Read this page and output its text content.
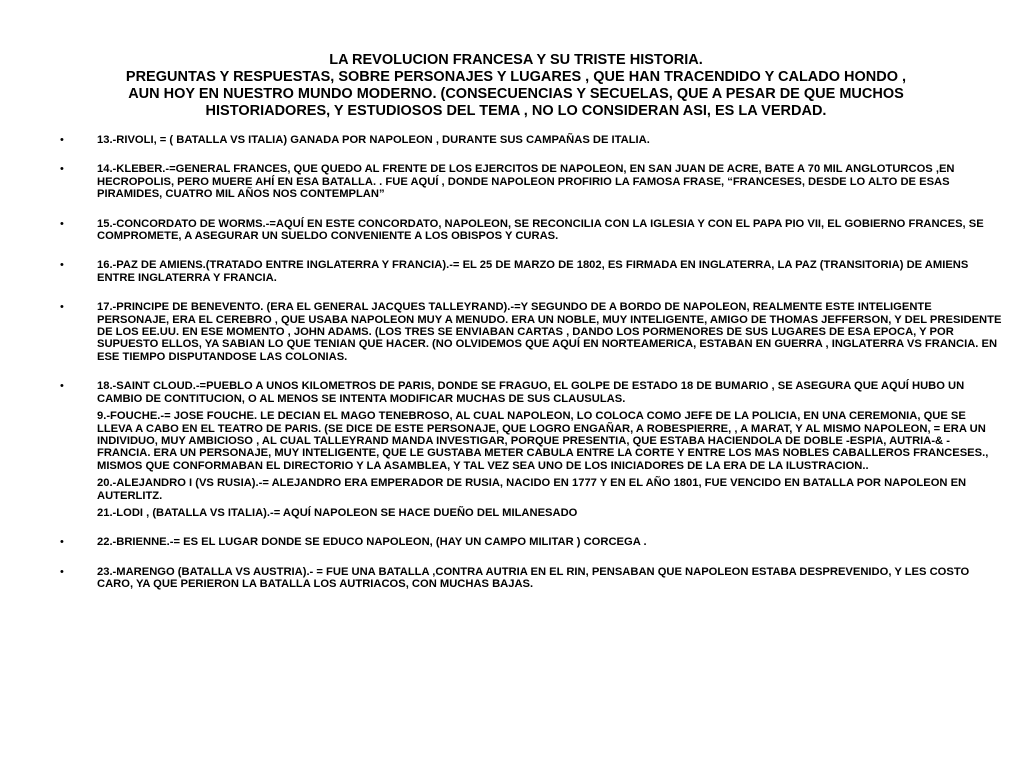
LA REVOLUCION FRANCESA Y SU TRISTE HISTORIA.
PREGUNTAS Y RESPUESTAS, SOBRE PERSONAJES Y LUGARES , QUE HAN TRACENDIDO Y CALADO HONDO ,
AUN HOY EN NUESTRO MUNDO MODERNO. (CONSECUENCIAS Y SECUELAS, QUE A PESAR DE QUE MUCHOS
HISTORIADORES, Y ESTUDIOSOS DEL TEMA , NO LO CONSIDERAN ASI, ES LA VERDAD.
•	13.-RIVOLI, = ( BATALLA VS ITALIA) GANADA POR NAPOLEON , DURANTE SUS CAMPAÑAS DE ITALIA.

•	14.-KLEBER.-=GENERAL FRANCES, QUE QUEDO AL FRENTE DE LOS EJERCITOS DE NAPOLEON, EN SAN JUAN DE ACRE, BATE A 70 MIL ANGLOTURCOS ,EN HECROPOLIS, PERO MUERE AHÍ EN ESA BATALLA. . FUE AQUÍ , DONDE NAPOLEON PROFIRIO LA FAMOSA FRASE, “FRANCESES, DESDE LO ALTO DE ESAS PIRAMIDES, CUATRO MIL AÑOS NOS CONTEMPLAN”

•	15.-CONCORDATO DE WORMS.-=AQUÍ EN ESTE CONCORDATO, NAPOLEON, SE RECONCILIA CON LA IGLESIA Y CON EL PAPA PIO VII, EL GOBIERNO FRANCES, SE COMPROMETE, A ASEGURAR UN SUELDO CONVENIENTE A LOS OBISPOS Y CURAS.

•	16.-PAZ DE AMIENS.(TRATADO ENTRE INGLATERRA Y FRANCIA).-= EL 25 DE MARZO DE 1802, ES FIRMADA EN INGLATERRA, LA PAZ (TRANSITORIA) DE AMIENS ENTRE INGLATERRA Y FRANCIA.

•	17.-PRINCIPE DE BENEVENTO. (ERA EL GENERAL JACQUES TALLEYRAND).-=Y SEGUNDO DE A BORDO DE NAPOLEON, REALMENTE ESTE INTELIGENTE PERSONAJE, ERA EL CEREBRO , QUE USABA NAPOLEON MUY A MENUDO. ERA UN NOBLE, MUY INTELIGENTE, AMIGO DE THOMAS JEFFERSON, Y DEL PRESIDENTE DE LOS EE.UU. EN ESE MOMENTO , JOHN ADAMS. (LOS TRES SE ENVIABAN CARTAS , DANDO LOS PORMENORES DE SUS LUGARES DE ESA EPOCA, Y POR SUPUESTO ELLOS, YA SABIAN LO QUE TENIAN QUE HACER. (NO OLVIDEMOS QUE AQUÍ EN NORTEAMERICA, ESTABAN EN GUERRA , INGLATERRA VS FRANCIA. EN ESE TIEMPO DISPUTANDOSE LAS COLONIAS.

•	18.-SAINT CLOUD.-=PUEBLO A UNOS KILOMETROS DE PARIS, DONDE SE FRAGUO, EL GOLPE DE ESTADO 18 DE BUMARIO , SE ASEGURA QUE AQUÍ HUBO UN CAMBIO DE CONTITUCION, O AL MENOS SE INTENTA MODIFICAR MUCHAS DE SUS CLAUSULAS.

9.-FOUCHE.-= JOSE FOUCHE. LE DECIAN EL MAGO TENEBROSO, AL CUAL NAPOLEON, LO COLOCA COMO JEFE DE LA POLICIA, EN UNA CEREMONIA, QUE SE LLEVA A CABO EN EL TEATRO DE PARIS. (SE DICE DE ESTE PERSONAJE, QUE LOGRO ENGAÑAR, A ROBESPIERRE, , A MARAT, Y AL MISMO NAPOLEON, = ERA UN INDIVIDUO, MUY AMBICIOSO , AL CUAL TALLEYRAND MANDA INVESTIGAR, PORQUE PRESENTIA, QUE ESTABA HACIENDOLA DE DOBLE -ESPIA, AUTRIA-& -FRANCIA. ERA UN PERSONAJE, MUY INTELIGENTE, QUE LE GUSTABA METER CABULA ENTRE LA CORTE Y ENTRE LOS MAS NOBLES CABALLEROS FRANCESES., MISMOS QUE CONFORMABAN EL DIRECTORIO Y LA ASAMBLEA, Y TAL VEZ SEA UNO DE LOS INICIADORES DE LA ERA DE LA ILUSTRACION..

20.-ALEJANDRO I (VS RUSIA).-= ALEJANDRO ERA EMPERADOR DE RUSIA, NACIDO EN 1777 Y EN EL AÑO 1801, FUE VENCIDO EN BATALLA POR NAPOLEON EN AUTERLITZ.

21.-LODI , (BATALLA VS ITALIA).-= AQUÍ NAPOLEON SE HACE DUEÑO DEL MILANESADO

•	22.-BRIENNE.-= ES EL LUGAR DONDE SE EDUCO NAPOLEON, (HAY UN CAMPO MILITAR ) CORCEGA .

•	23.-MARENGO (BATALLA VS AUSTRIA).- = FUE UNA BATALLA ,CONTRA AUTRIA EN EL RIN, PENSABAN QUE NAPOLEON ESTABA DESPREVENIDO, Y LES COSTO CARO, YA QUE PERIERON LA BATALLA LOS AUTRIACOS, CON MUCHAS BAJAS.
